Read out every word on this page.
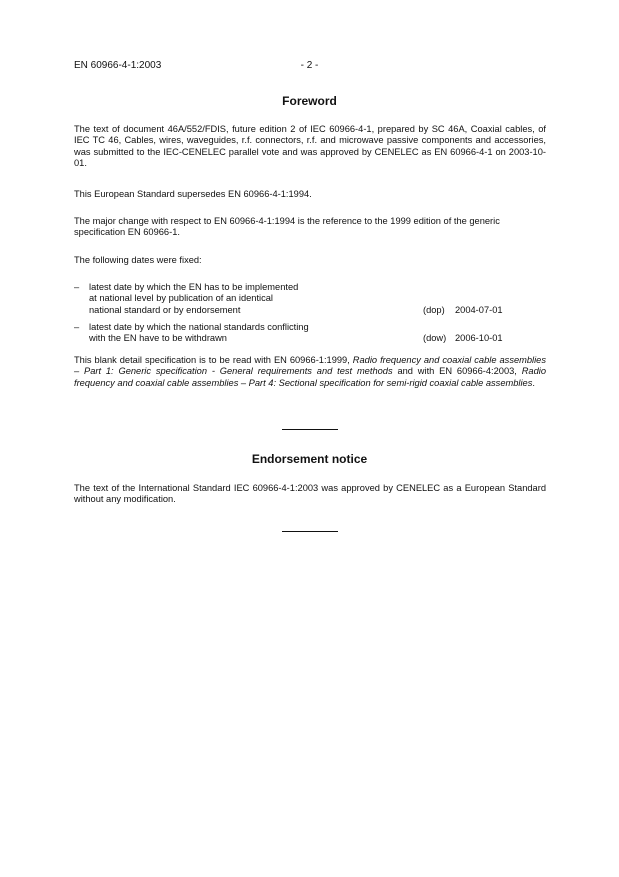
EN 60966-4-1:2003	- 2 -
Foreword

The text of document 46A/552/FDIS, future edition 2 of IEC 60966-4-1, prepared by SC 46A, Coaxial cables, of IEC TC 46, Cables, wires, waveguides, r.f. connectors, r.f. and microwave passive components and accessories, was submitted to the IEC-CENELEC parallel vote and was approved by CENELEC as EN 60966-4-1 on 2003-10-01.

This European Standard supersedes EN 60966-4-1:1994.

The major change with respect to EN 60966-4-1:1994 is the reference to the 1999 edition of the generic specification EN 60966-1.

The following dates were fixed:

– latest date by which the EN has to be implemented
at national level by publication of an identical
national standard or by endorsement	(dop) 2004-07-01
– latest date by which the national standards conflicting
with the EN have to be withdrawn	(dow) 2006-10-01

This blank detail specification is to be read with EN 60966-1:1999, Radio frequency and coaxial cable assemblies – Part 1: Generic specification - General requirements and test methods and with EN 60966-4:2003, Radio frequency and coaxial cable assemblies – Part 4: Sectional specification for semi-rigid coaxial cable assemblies.

Endorsement notice

The text of the International Standard IEC 60966-4-1:2003 was approved by CENELEC as a European Standard without any modification.
